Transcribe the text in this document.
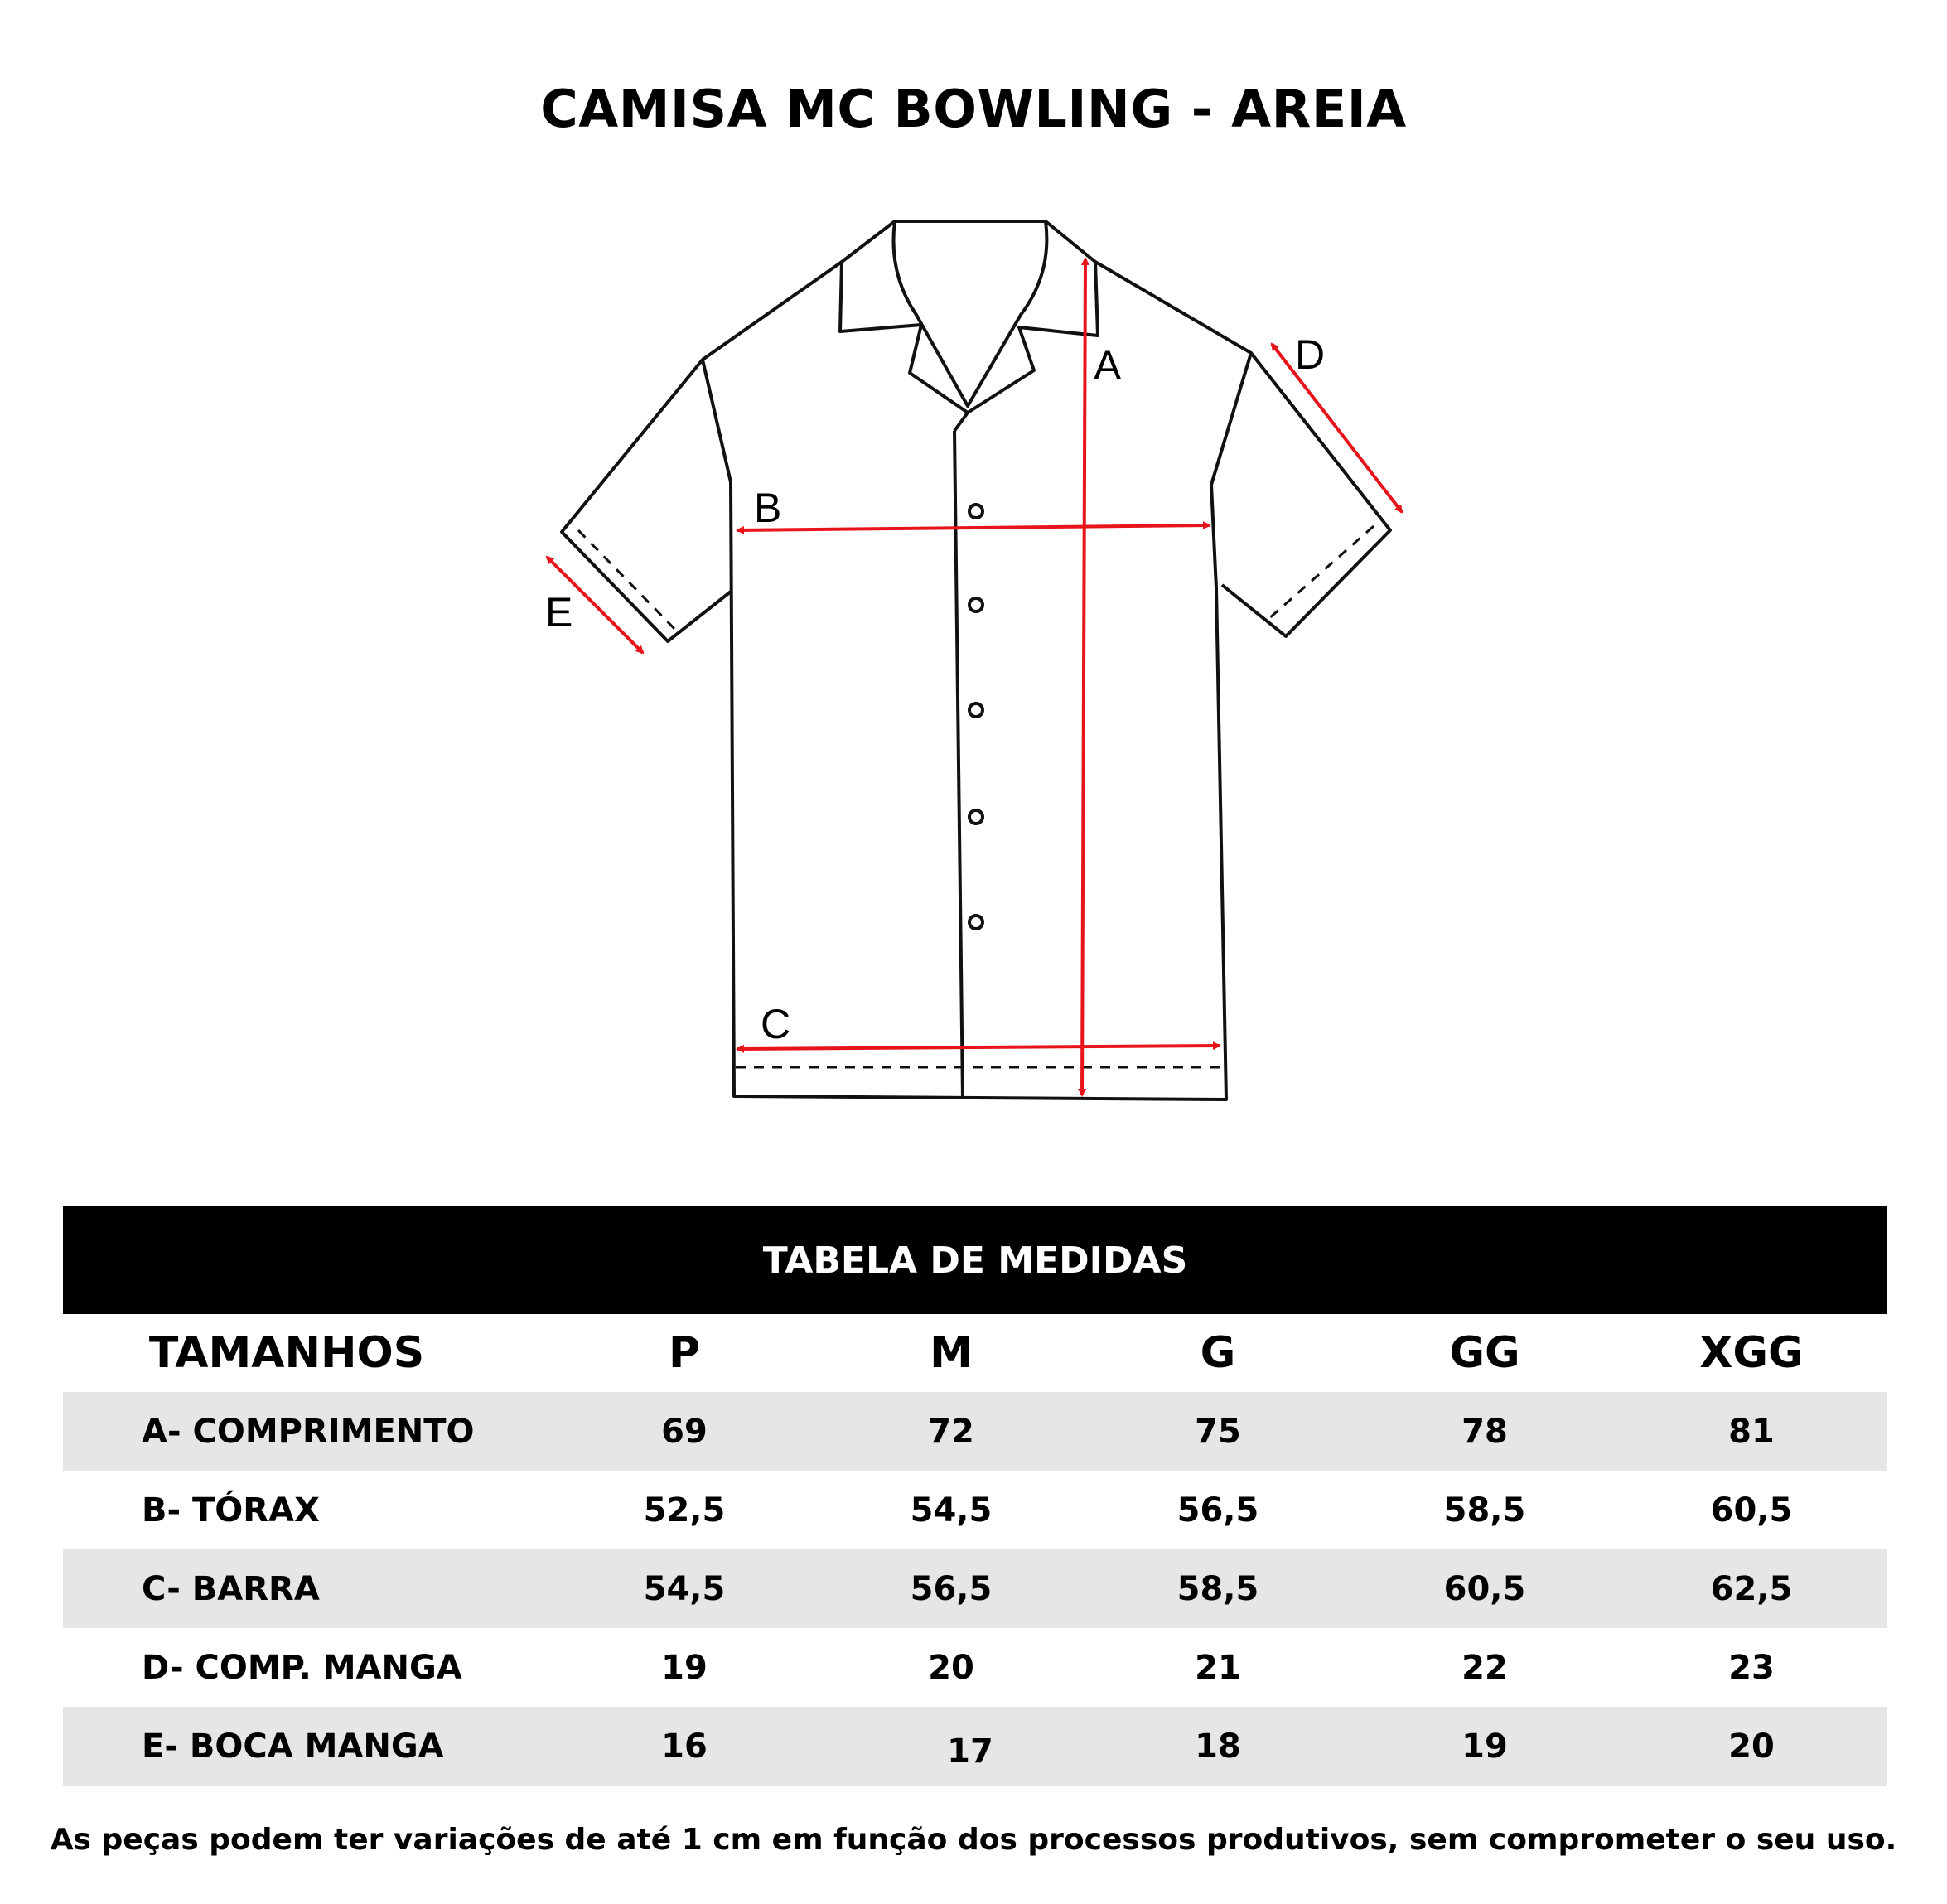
CAMISA MC BOWLING - AREIA
A
B
C
D
E
TABELA DE MEDIDAS
TAMANHOS	P	M	G	GG	XGG
A- COMPRIMENTO	69	72	75	78	81
B- TÓRAX	52,5	54,5	56,5	58,5	60,5
C- BARRA	54,5	56,5	58,5	60,5	62,5
D- COMP. MANGA	19	20	21	22	23
E- BOCA MANGA	16	17	18	19	20
As peças podem ter variações de até 1 cm em função dos processos produtivos, sem comprometer o seu uso.
